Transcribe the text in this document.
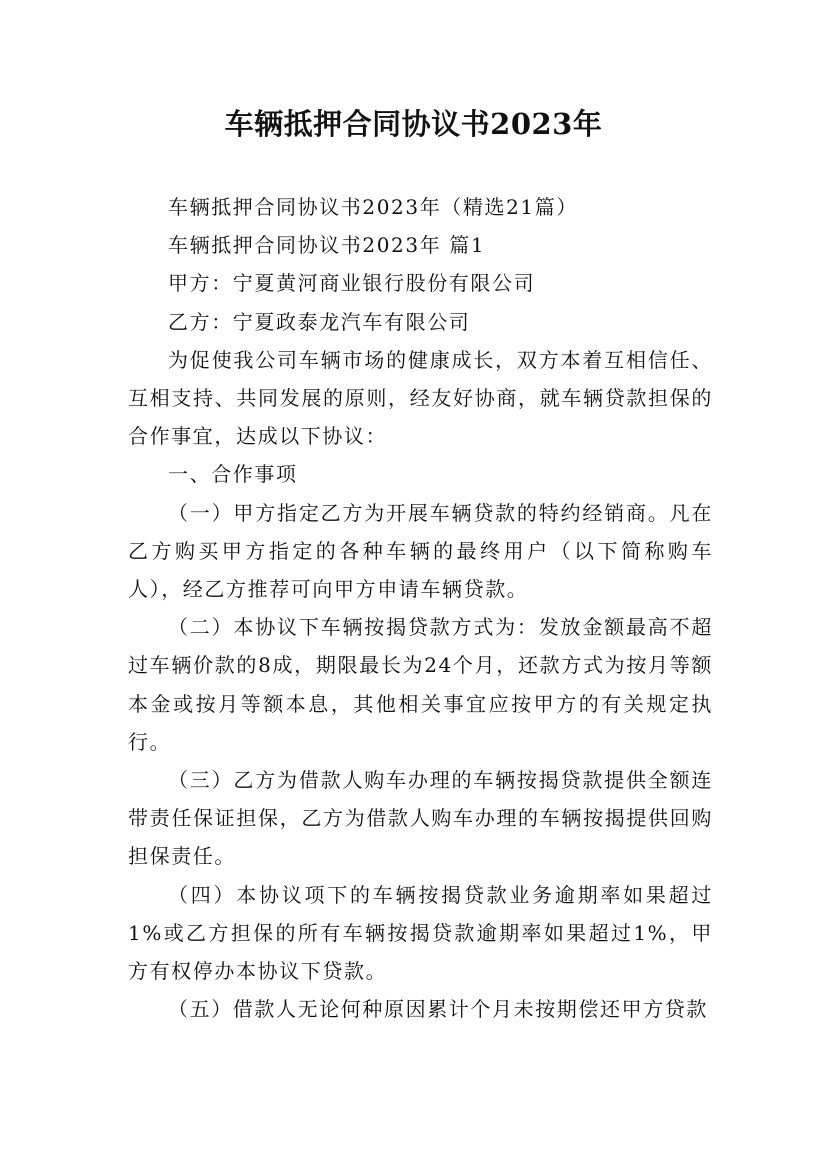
车辆抵押合同协议书2023年

车辆抵押合同协议书2023年（精选21篇）

车辆抵押合同协议书2023年 篇1

甲方：宁夏黄河商业银行股份有限公司

乙方：宁夏政泰龙汽车有限公司

为促使我公司车辆市场的健康成长，双方本着互相信任、互相支持、共同发展的原则，经友好协商，就车辆贷款担保的合作事宜，达成以下协议：

一、合作事项

（一）甲方指定乙方为开展车辆贷款的特约经销商。凡在乙方购买甲方指定的各种车辆的最终用户（以下简称购车人），经乙方推荐可向甲方申请车辆贷款。

（二）本协议下车辆按揭贷款方式为：发放金额最高不超过车辆价款的8成，期限最长为24个月，还款方式为按月等额本金或按月等额本息，其他相关事宜应按甲方的有关规定执行。

（三）乙方为借款人购车办理的车辆按揭贷款提供全额连带责任保证担保，乙方为借款人购车办理的车辆按揭提供回购担保责任。

（四）本协议项下的车辆按揭贷款业务逾期率如果超过1%或乙方担保的所有车辆按揭贷款逾期率如果超过1%，甲方有权停办本协议下贷款。

（五）借款人无论何种原因累计个月未按期偿还甲方贷款
